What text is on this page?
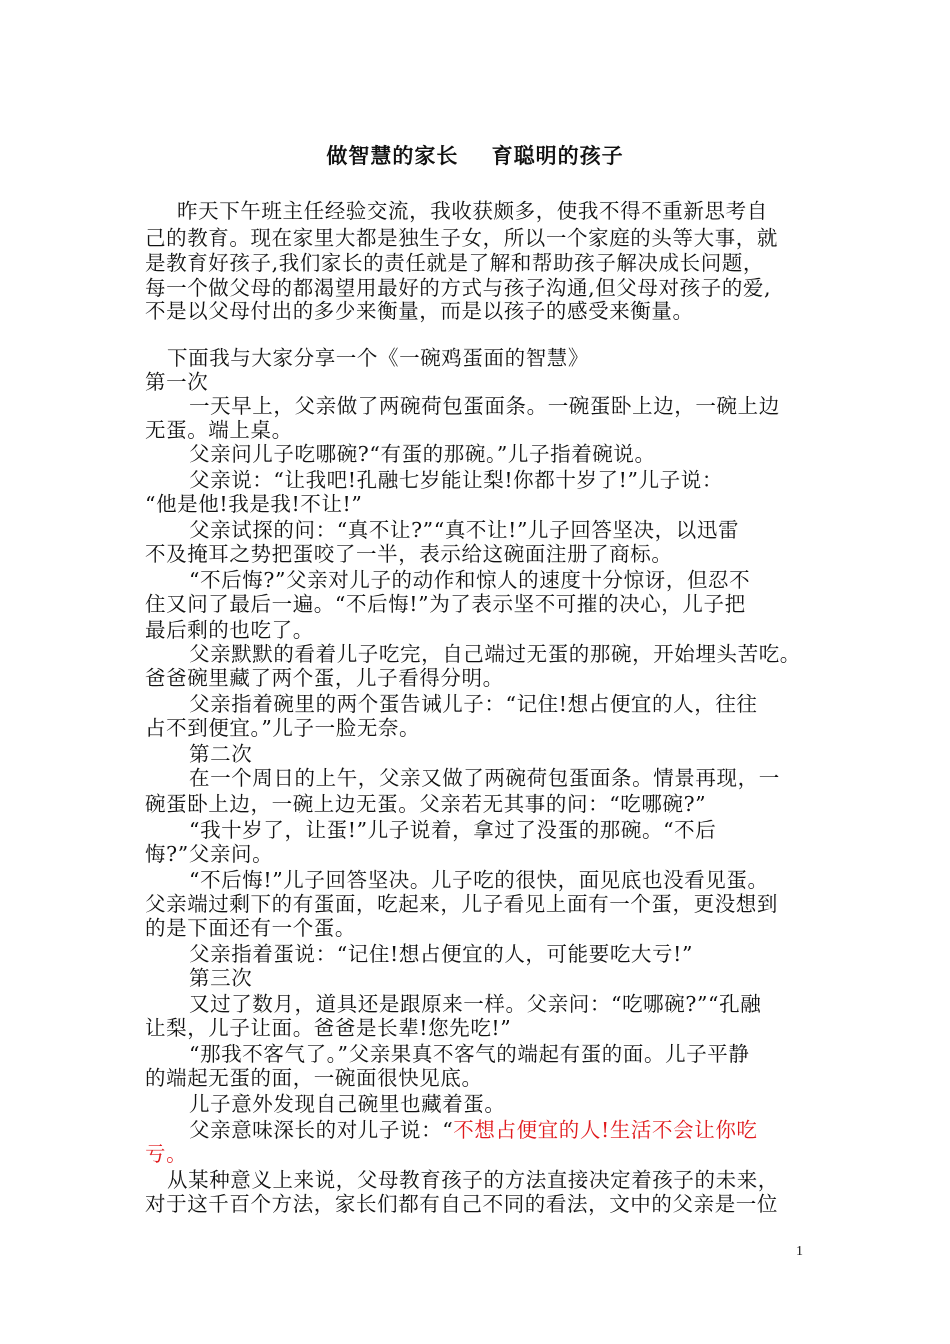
做智慧的家长    育聪明的孩子
昨天下午班主任经验交流，我收获颇多，使我不得不重新思考自
己的教育。现在家里大都是独生子女，所以一个家庭的头等大事，就
是教育好孩子,我们家长的责任就是了解和帮助孩子解决成长问题，
每一个做父母的都渴望用最好的方式与孩子沟通,但父母对孩子的爱,
不是以父母付出的多少来衡量，而是以孩子的感受来衡量。
下面我与大家分享一个《一碗鸡蛋面的智慧》
第一次
一天早上，父亲做了两碗荷包蛋面条。一碗蛋卧上边，一碗上边
无蛋。端上桌。
父亲问儿子吃哪碗?“有蛋的那碗。”儿子指着碗说。
父亲说：“让我吧!孔融七岁能让梨!你都十岁了!”儿子说：
“他是他!我是我!不让!”
父亲试探的问：“真不让?”“真不让!”儿子回答坚决，以迅雷
不及掩耳之势把蛋咬了一半，表示给这碗面注册了商标。
“不后悔?”父亲对儿子的动作和惊人的速度十分惊讶，但忍不
住又问了最后一遍。“不后悔!”为了表示坚不可摧的决心，儿子把
最后剩的也吃了。
父亲默默的看着儿子吃完，自己端过无蛋的那碗，开始埋头苦吃。
爸爸碗里藏了两个蛋，儿子看得分明。
父亲指着碗里的两个蛋告诫儿子：“记住!想占便宜的人，往往
占不到便宜。”儿子一脸无奈。
第二次
在一个周日的上午，父亲又做了两碗荷包蛋面条。情景再现，一
碗蛋卧上边，一碗上边无蛋。父亲若无其事的问：“吃哪碗?”
“我十岁了，让蛋!”儿子说着，拿过了没蛋的那碗。“不后
悔?”父亲问。
“不后悔!”儿子回答坚决。儿子吃的很快，面见底也没看见蛋。
父亲端过剩下的有蛋面，吃起来，儿子看见上面有一个蛋，更没想到
的是下面还有一个蛋。
父亲指着蛋说：“记住!想占便宜的人，可能要吃大亏!”
第三次
又过了数月，道具还是跟原来一样。父亲问：“吃哪碗?”“孔融
让梨，儿子让面。爸爸是长辈!您先吃!”
“那我不客气了。”父亲果真不客气的端起有蛋的面。儿子平静
的端起无蛋的面，一碗面很快见底。
儿子意外发现自己碗里也藏着蛋。
父亲意味深长的对儿子说：“不想占便宜的人!生活不会让你吃
亏。
从某种意义上来说，父母教育孩子的方法直接决定着孩子的未来，
对于这千百个方法，家长们都有自己不同的看法，文中的父亲是一位
1
